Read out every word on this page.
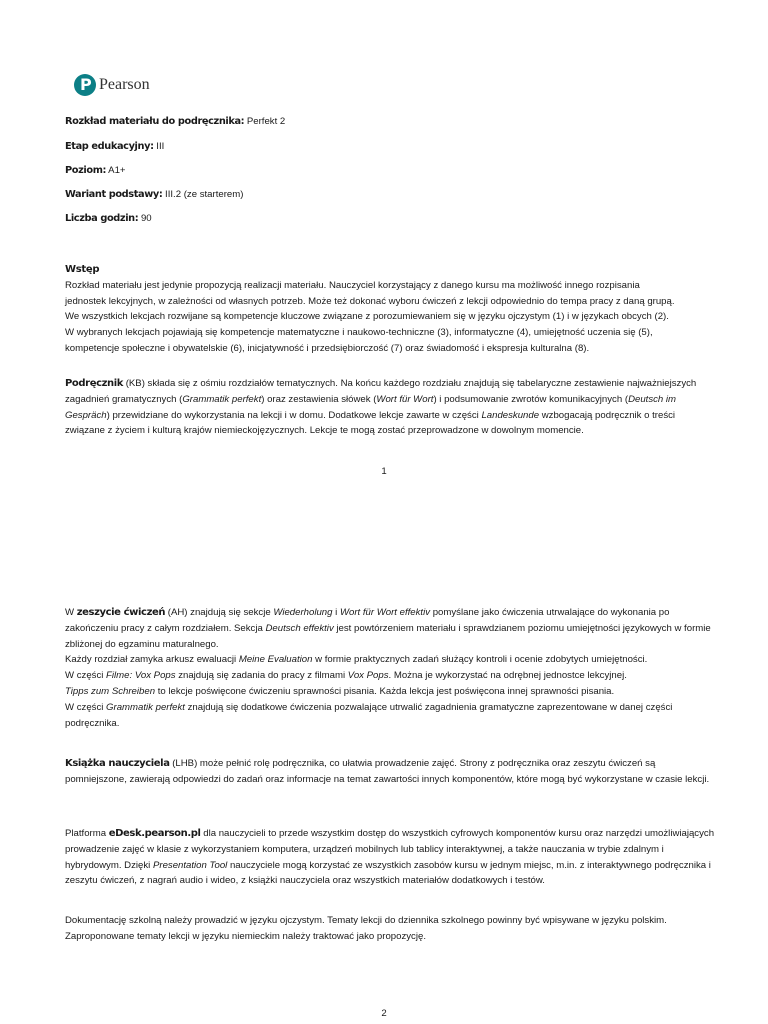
P
Pearson
Rozkład materiału do podręcznika: Perfekt 2
Etap edukacyjny: III
Poziom: A1+
Wariant podstawy: III.2 (ze starterem)
Liczba godzin: 90

Wstęp

Rozkład materiału jest jedynie propozycją realizacji materiału. Nauczyciel korzystający z danego kursu ma możliwość innego rozpisania

jednostek lekcyjnych, w zależności od własnych potrzeb. Może też dokonać wyboru ćwiczeń z lekcji odpowiednio do tempa pracy z daną grupą.

We wszystkich lekcjach rozwijane są kompetencje kluczowe związane z porozumiewaniem się w języku ojczystym (1) i w językach obcych (2).

W wybranych lekcjach pojawiają się kompetencje matematyczne i naukowo-techniczne (3), informatyczne (4), umiejętność uczenia się (5),

kompetencje społeczne i obywatelskie (6), inicjatywność i przedsiębiorczość (7) oraz świadomość i ekspresja kulturalna (8).

Podręcznik (KB) składa się z ośmiu rozdziałów tematycznych. Na końcu każdego rozdziału znajdują się tabelaryczne zestawienie najważniejszych zagadnień gramatycznych (Grammatik perfekt) oraz zestawienia słówek (Wort für Wort) i podsumowanie zwrotów komunikacyjnych (Deutsch im Gespräch) przewidziane do wykorzystania na lekcji i w domu. Dodatkowe lekcje zawarte w części Landeskunde wzbogacają podręcznik o treści związane z życiem i kulturą krajów niemieckojęzycznych. Lekcje te mogą zostać przeprowadzone w dowolnym momencie.

1

W zeszycie ćwiczeń (AH) znajdują się sekcje Wiederholung i Wort für Wort effektiv pomyślane jako ćwiczenia utrwalające do wykonania po zakończeniu pracy z całym rozdziałem. Sekcja Deutsch effektiv jest powtórzeniem materiału i sprawdzianem poziomu umiejętności językowych w formie zbliżonej do egzaminu maturalnego.

Każdy rozdział zamyka arkusz ewaluacji Meine Evaluation w formie praktycznych zadań służący kontroli i ocenie zdobytych umiejętności.

W części Filme: Vox Pops znajdują się zadania do pracy z filmami Vox Pops. Można je wykorzystać na odrębnej jednostce lekcyjnej.

Tipps zum Schreiben to lekcje poświęcone ćwiczeniu sprawności pisania. Każda lekcja jest poświęcona innej sprawności pisania.

W części Grammatik perfekt znajdują się dodatkowe ćwiczenia pozwalające utrwalić zagadnienia gramatyczne zaprezentowane w danej części podręcznika.

Książka nauczyciela (LHB) może pełnić rolę podręcznika, co ułatwia prowadzenie zajęć. Strony z podręcznika oraz zeszytu ćwiczeń są pomniejszone, zawierają odpowiedzi do zadań oraz informacje na temat zawartości innych komponentów, które mogą być wykorzystane w czasie lekcji.

Platforma eDesk.pearson.pl dla nauczycieli to przede wszystkim dostęp do wszystkich cyfrowych komponentów kursu oraz narzędzi umożliwiających prowadzenie zajęć w klasie z wykorzystaniem komputera, urządzeń mobilnych lub tablicy interaktywnej, a także nauczania w trybie zdalnym i hybrydowym. Dzięki Presentation Tool nauczyciele mogą korzystać ze wszystkich zasobów kursu w jednym miejsc, m.in. z interaktywnego podręcznika i zeszytu ćwiczeń, z nagrań audio i wideo, z książki nauczyciela oraz wszystkich materiałów dodatkowych i testów.

Dokumentację szkolną należy prowadzić w języku ojczystym. Tematy lekcji do dziennika szkolnego powinny być wpisywane w języku polskim. Zaproponowane tematy lekcji w języku niemieckim należy traktować jako propozycję.

2
